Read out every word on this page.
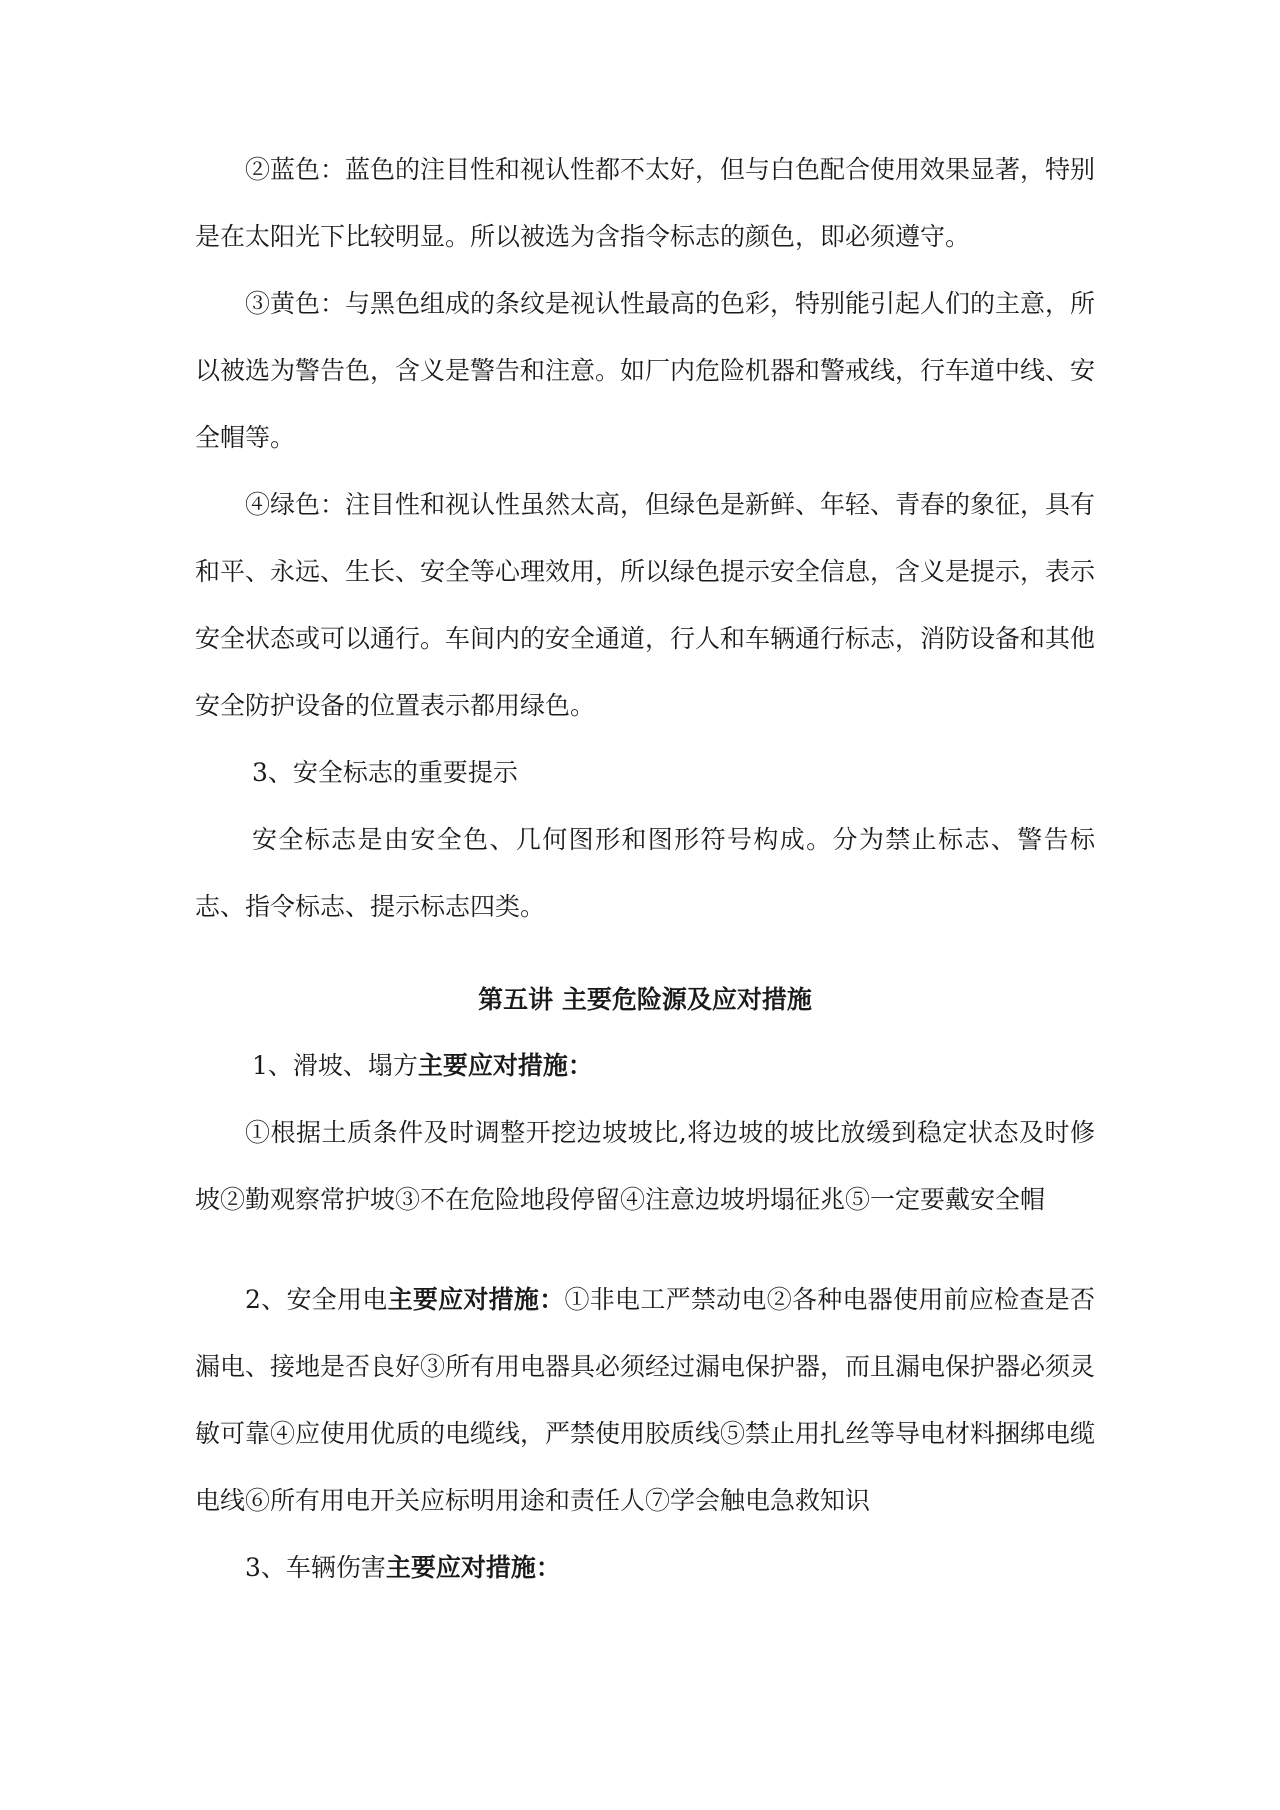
②蓝色：蓝色的注目性和视认性都不太好，但与白色配合使用效果显著，特别是在太阳光下比较明显。所以被选为含指令标志的颜色，即必须遵守。

③黄色：与黑色组成的条纹是视认性最高的色彩，特别能引起人们的主意，所以被选为警告色，含义是警告和注意。如厂内危险机器和警戒线，行车道中线、安全帽等。

④绿色：注目性和视认性虽然太高，但绿色是新鲜、年轻、青春的象征，具有和平、永远、生长、安全等心理效用，所以绿色提示安全信息，含义是提示，表示安全状态或可以通行。车间内的安全通道，行人和车辆通行标志，消防设备和其他安全防护设备的位置表示都用绿色。

3、安全标志的重要提示

安全标志是由安全色、几何图形和图形符号构成。分为禁止标志、警告标志、指令标志、提示标志四类。

第五讲 主要危险源及应对措施

1、滑坡、塌方主要应对措施：

①根据土质条件及时调整开挖边坡坡比,将边坡的坡比放缓到稳定状态及时修坡②勤观察常护坡③不在危险地段停留④注意边坡坍塌征兆⑤一定要戴安全帽

2、安全用电主要应对措施：①非电工严禁动电②各种电器使用前应检查是否漏电、接地是否良好③所有用电器具必须经过漏电保护器，而且漏电保护器必须灵敏可靠④应使用优质的电缆线，严禁使用胶质线⑤禁止用扎丝等导电材料捆绑电缆电线⑥所有用电开关应标明用途和责任人⑦学会触电急救知识

3、车辆伤害主要应对措施：
